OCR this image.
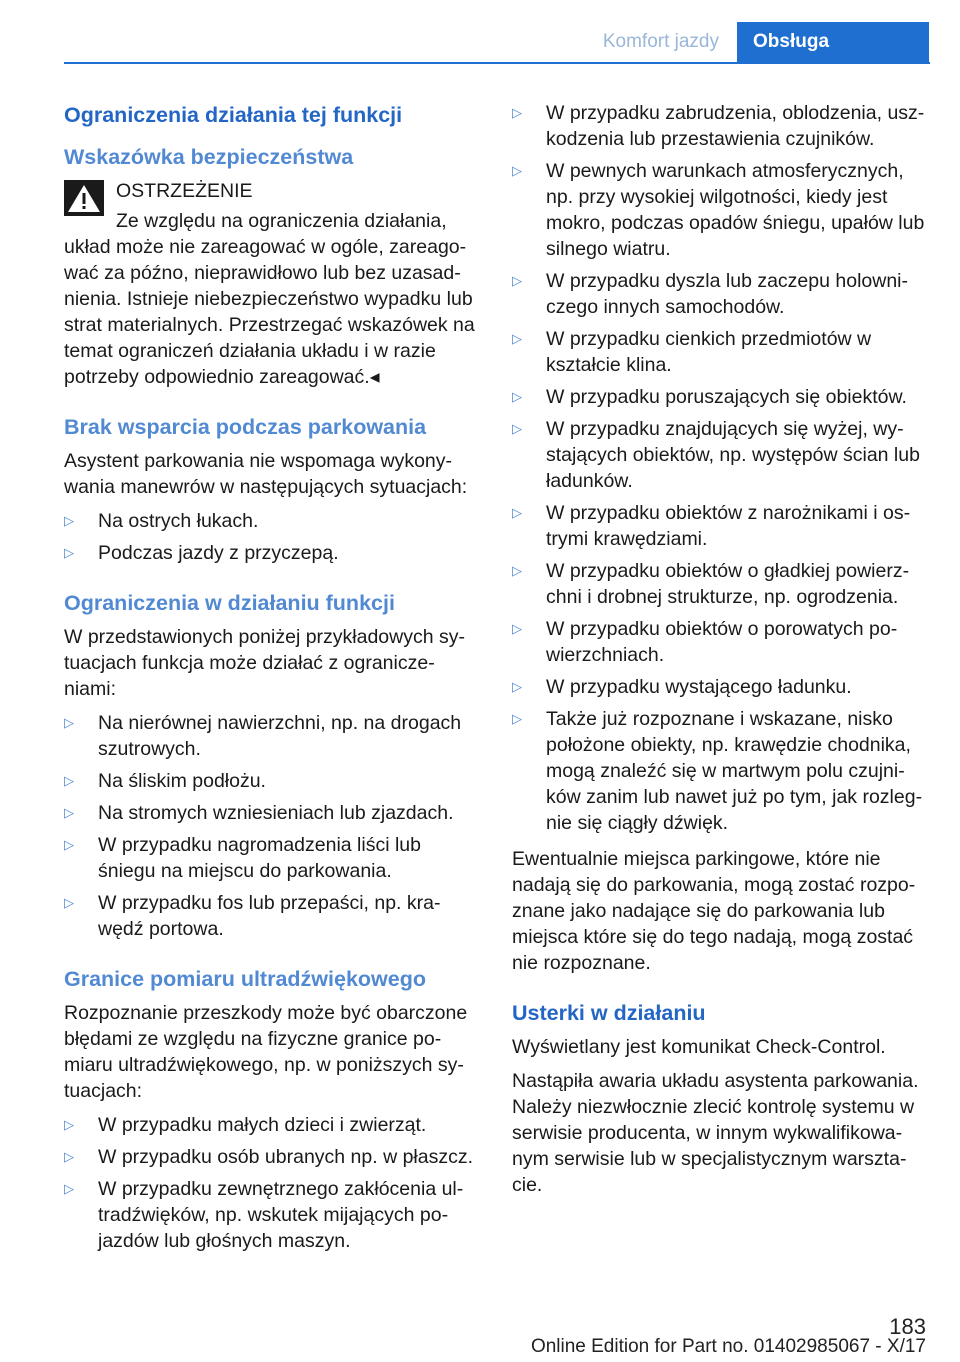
Komfort jazdy	Obsługa
Ograniczenia działania tej funkcji
Wskazówka bezpieczeństwa

OSTRZEŻENIE

Ze względu na ograniczenia działania, układ może nie zareagować w ogóle, zareagować za późno, nieprawidłowo lub bez uzasadnienia. Istnieje niebezpieczeństwo wypadku lub strat materialnych. Przestrzegać wskazówek na temat ograniczeń działania układu i w razie potrzeby odpowiednio zareagować.◂

Brak wsparcia podczas parkowania

Asystent parkowania nie wspomaga wykonywania manewrów w następujących sytuacjach:

▷ Na ostrych łukach.
▷ Podczas jazdy z przyczepą.
Ograniczenia w działaniu funkcji

W przedstawionych poniżej przykładowych sytuacjach funkcja może działać z ograniczeniami:

▷ Na nierównej nawierzchni, np. na drogach szutrowych.
▷ Na śliskim podłożu.
▷ Na stromych wzniesieniach lub zjazdach.
▷ W przypadku nagromadzenia liści lub śniegu na miejscu do parkowania.
▷ W przypadku fos lub przepaści, np. krawędź portowa.
Granice pomiaru ultradźwiękowego

Rozpoznanie przeszkody może być obarczone błędami ze względu na fizyczne granice pomiaru ultradźwiękowego, np. w poniższych sytuacjach:

▷ W przypadku małych dzieci i zwierząt.
▷ W przypadku osób ubranych np. w płaszcz.
▷ W przypadku zewnętrznego zakłócenia ultradźwięków, np. wskutek mijających pojazdów lub głośnych maszyn.
▷ W przypadku zabrudzenia, oblodzenia, uszkodzenia lub przestawienia czujników.
▷ W pewnych warunkach atmosferycznych, np. przy wysokiej wilgotności, kiedy jest mokro, podczas opadów śniegu, upałów lub silnego wiatru.
▷ W przypadku dyszla lub zaczepu holowniczego innych samochodów.
▷ W przypadku cienkich przedmiotów w kształcie klina.
▷ W przypadku poruszających się obiektów.
▷ W przypadku znajdujących się wyżej, wystających obiektów, np. występów ścian lub ładunków.
▷ W przypadku obiektów z narożnikami i ostrymi krawędziami.
▷ W przypadku obiektów o gładkiej powierzchni i drobnej strukturze, np. ogrodzenia.
▷ W przypadku obiektów o porowatych powierzchniach.
▷ W przypadku wystającego ładunku.
▷ Także już rozpoznane i wskazane, nisko położone obiekty, np. krawędzie chodnika, mogą znaleźć się w martwym polu czujników zanim lub nawet już po tym, jak rozlegnie się ciągły dźwięk.

Ewentualnie miejsca parkingowe, które nie nadają się do parkowania, mogą zostać rozpoznane jako nadające się do parkowania lub miejsca które się do tego nadają, mogą zostać nie rozpoznane.

Usterki w działaniu

Wyświetlany jest komunikat Check-Control.

Nastąpiła awaria układu asystenta parkowania. Należy niezwłocznie zlecić kontrolę systemu w serwisie producenta, w innym wykwalifikowanym serwisie lub w specjalistycznym warsztacie.

183
Online Edition for Part no. 01402985067 - X/17
